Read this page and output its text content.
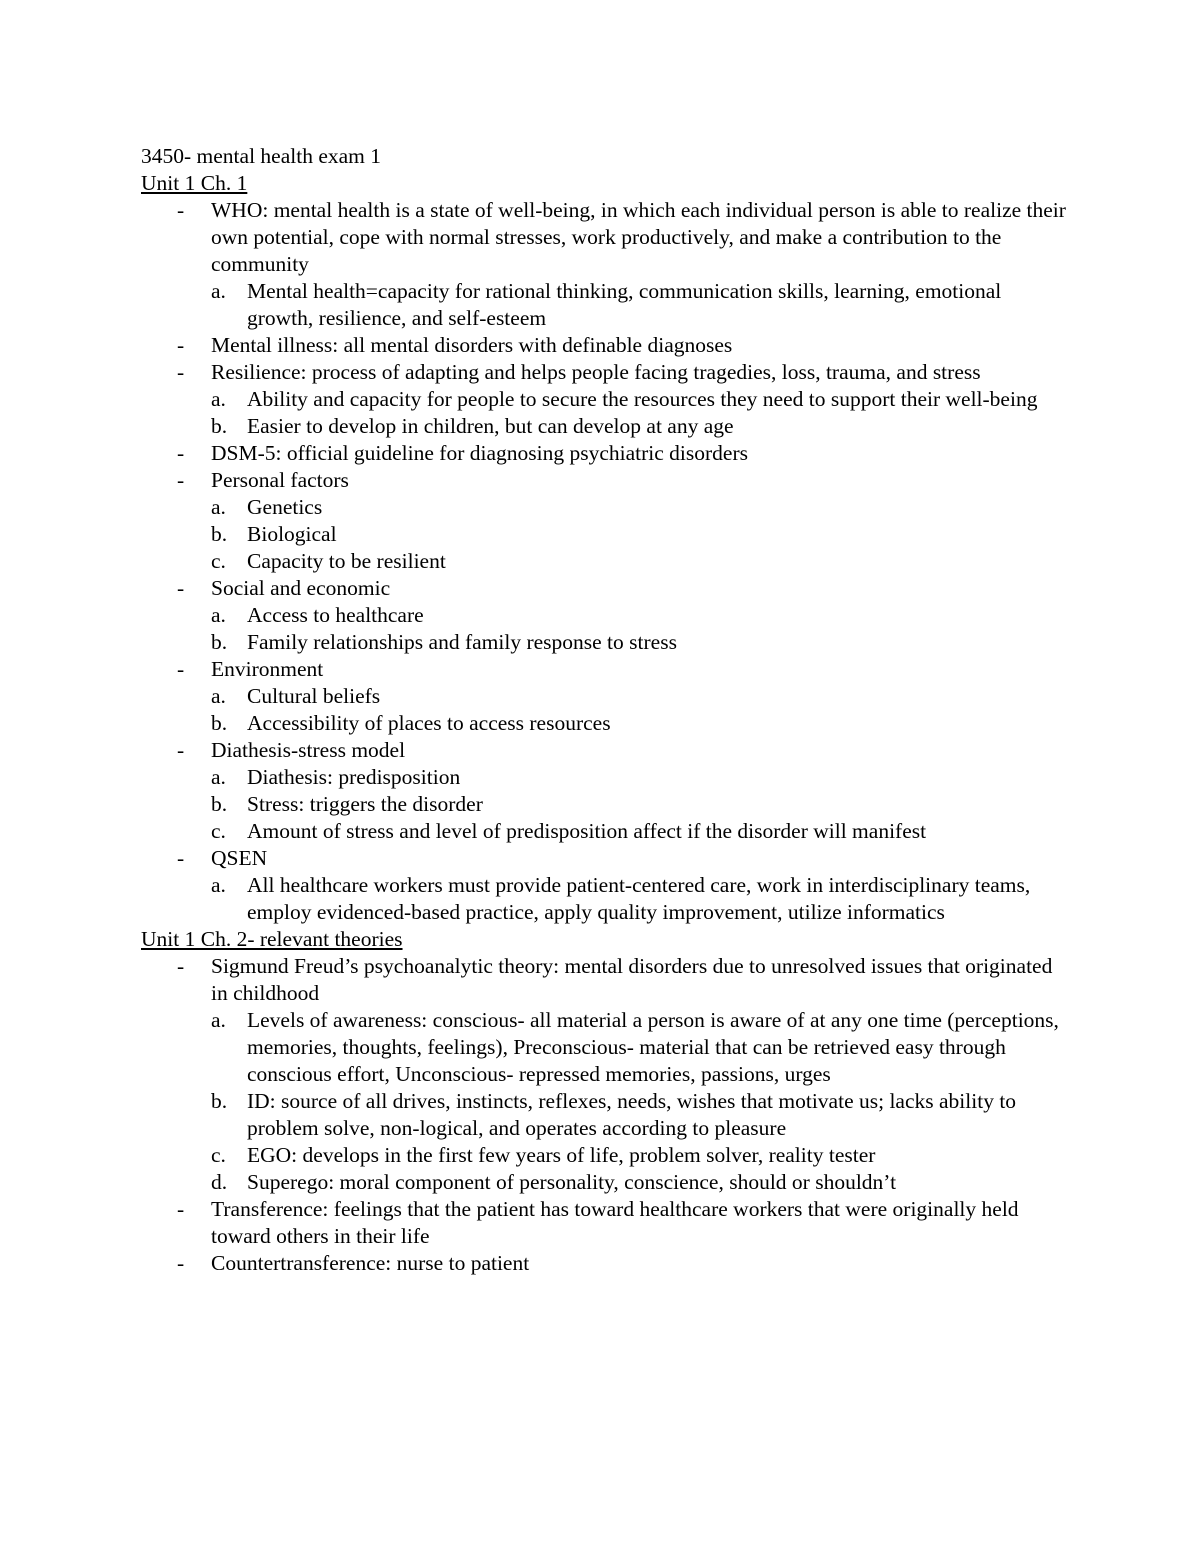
3450- mental health exam 1

Unit 1 Ch. 1

- WHO: mental health is a state of well-being, in which each individual person is able to realize their own potential, cope with normal stresses, work productively, and make a contribution to the community
a. Mental health=capacity for rational thinking, communication skills, learning, emotional growth, resilience, and self-esteem
- Mental illness: all mental disorders with definable diagnoses
- Resilience: process of adapting and helps people facing tragedies, loss, trauma, and stress
a. Ability and capacity for people to secure the resources they need to support their well-being
b. Easier to develop in children, but can develop at any age
- DSM-5: official guideline for diagnosing psychiatric disorders
- Personal factors
a. Genetics
b. Biological
c. Capacity to be resilient
- Social and economic
a. Access to healthcare
b. Family relationships and family response to stress
- Environment
a. Cultural beliefs
b. Accessibility of places to access resources
- Diathesis-stress model
a. Diathesis: predisposition
b. Stress: triggers the disorder
c. Amount of stress and level of predisposition affect if the disorder will manifest
- QSEN
a. All healthcare workers must provide patient-centered care, work in interdisciplinary teams, employ evidenced-based practice, apply quality improvement, utilize informatics

Unit 1 Ch. 2- relevant theories

- Sigmund Freud’s psychoanalytic theory: mental disorders due to unresolved issues that originated in childhood
a. Levels of awareness: conscious- all material a person is aware of at any one time (perceptions, memories, thoughts, feelings), Preconscious- material that can be retrieved easy through conscious effort, Unconscious- repressed memories, passions, urges
b. ID: source of all drives, instincts, reflexes, needs, wishes that motivate us; lacks ability to problem solve, non-logical, and operates according to pleasure
c. EGO: develops in the first few years of life, problem solver, reality tester
d. Superego: moral component of personality, conscience, should or shouldn’t
- Transference: feelings that the patient has toward healthcare workers that were originally held toward others in their life
- Countertransference: nurse to patient
